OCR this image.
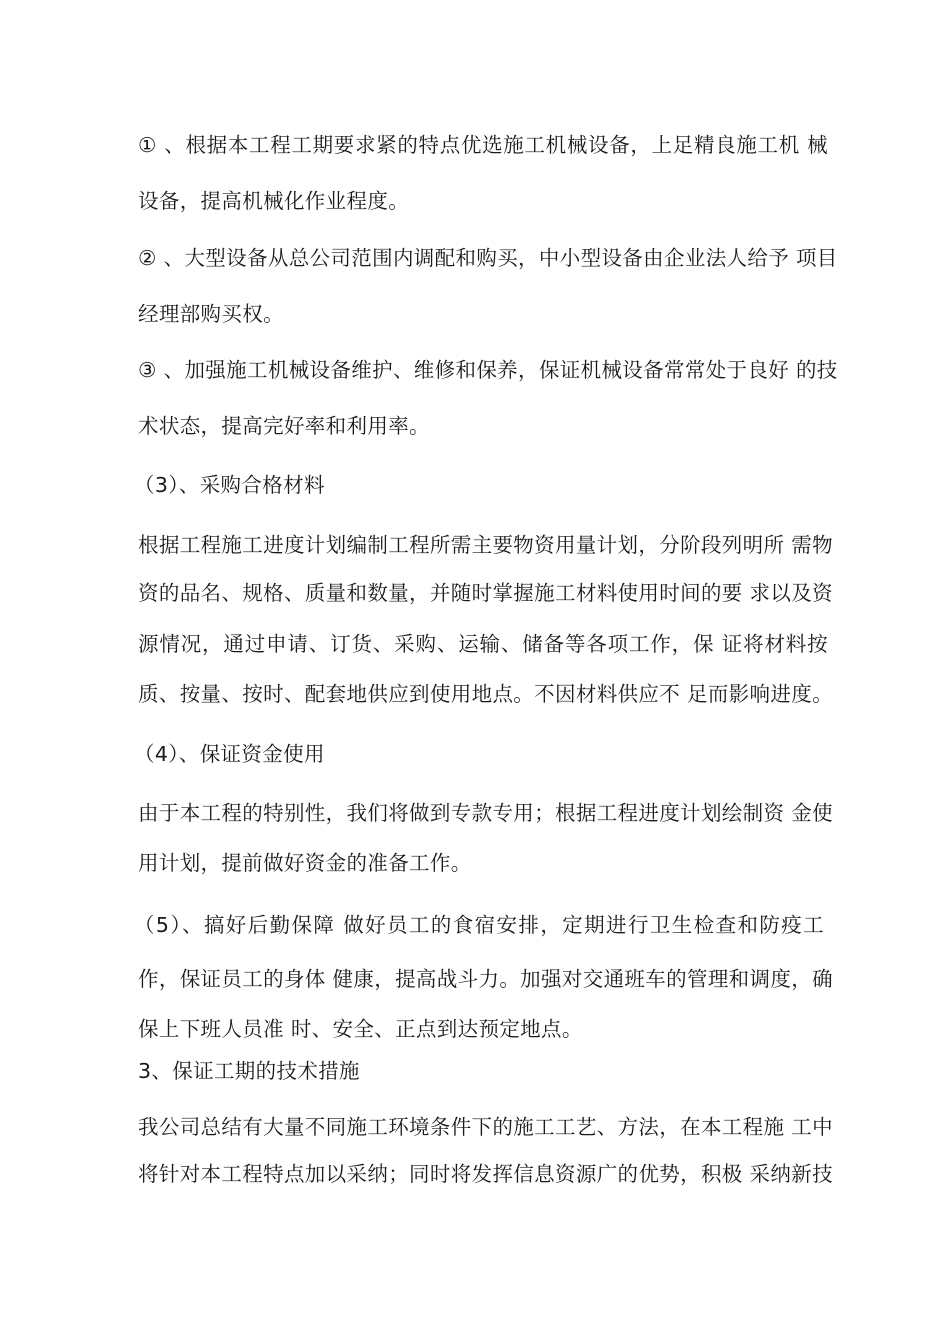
① 、根据本工程工期要求紧的特点优选施工机械设备，上足精良施工机 械
设备，提高机械化作业程度。
② 、大型设备从总公司范围内调配和购买，中小型设备由企业法人给予 项目
经理部购买权。
③ 、加强施工机械设备维护、维修和保养，保证机械设备常常处于良好 的技
术状态，提高完好率和利用率。
（3）、采购合格材料
根据工程施工进度计划编制工程所需主要物资用量计划，分阶段列明所 需物
资的品名、规格、质量和数量，并随时掌握施工材料使用时间的要 求以及资
源情况，通过申请、订货、采购、运输、储备等各项工作，保 证将材料按
质、按量、按时、配套地供应到使用地点。不因材料供应不 足而影响进度。
（4）、保证资金使用
由于本工程的特别性，我们将做到专款专用；根据工程进度计划绘制资 金使
用计划，提前做好资金的准备工作。
（5）、搞好后勤保障 做好员工的食宿安排，定期进行卫生检查和防疫工
作，保证员工的身体 健康，提高战斗力。加强对交通班车的管理和调度，确
保上下班人员准 时、安全、正点到达预定地点。
3、保证工期的技术措施
我公司总结有大量不同施工环境条件下的施工工艺、方法，在本工程施 工中
将针对本工程特点加以采纳；同时将发挥信息资源广的优势，积极 采纳新技
